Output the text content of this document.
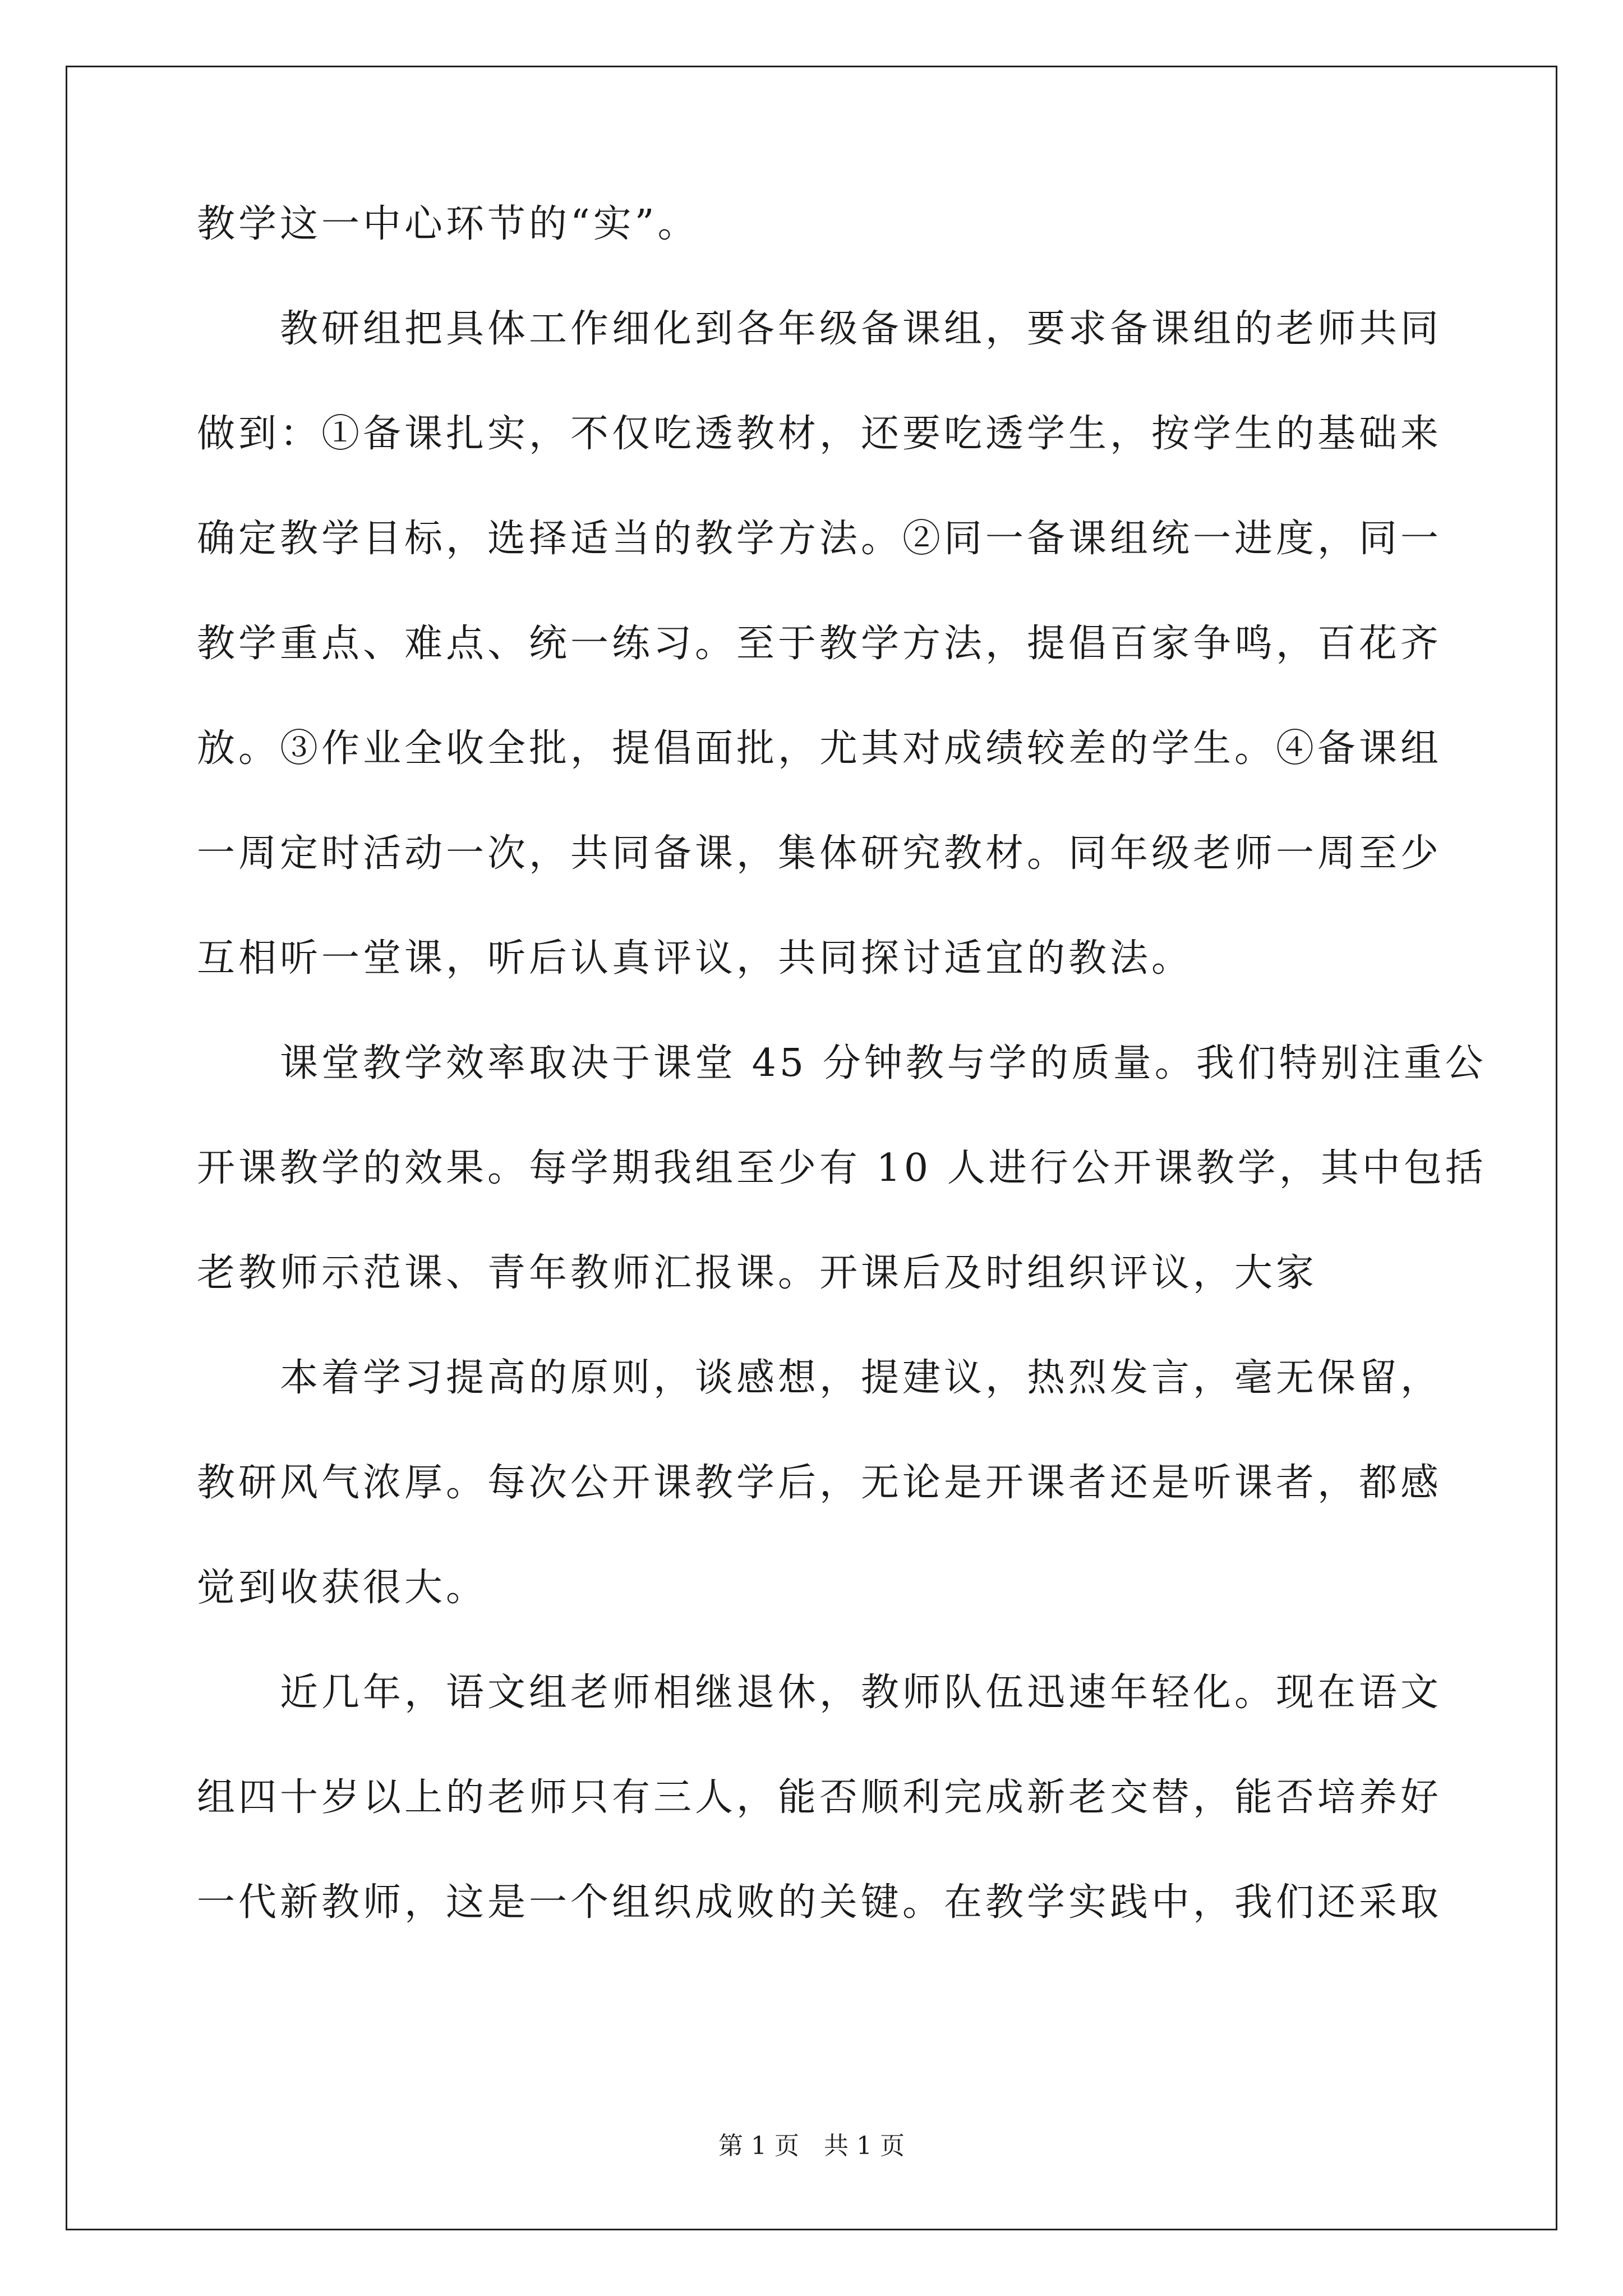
教学这一中心环节的“实”。
　　教研组把具体工作细化到各年级备课组，要求备课组的老师共同
做到：①备课扎实，不仅吃透教材，还要吃透学生，按学生的基础来
确定教学目标，选择适当的教学方法。②同一备课组统一进度，同一
教学重点、难点、统一练习。至于教学方法，提倡百家争鸣，百花齐
放。③作业全收全批，提倡面批，尤其对成绩较差的学生。④备课组
一周定时活动一次，共同备课，集体研究教材。同年级老师一周至少
互相听一堂课，听后认真评议，共同探讨适宜的教法。
　　课堂教学效率取决于课堂 45 分钟教与学的质量。我们特别注重公
开课教学的效果。每学期我组至少有 10 人进行公开课教学，其中包括
老教师示范课、青年教师汇报课。开课后及时组织评议，大家
　　本着学习提高的原则，谈感想，提建议，热烈发言，毫无保留，
教研风气浓厚。每次公开课教学后，无论是开课者还是听课者，都感
觉到收获很大。
　　近几年，语文组老师相继退休，教师队伍迅速年轻化。现在语文
组四十岁以上的老师只有三人，能否顺利完成新老交替，能否培养好
一代新教师，这是一个组织成败的关键。在教学实践中，我们还采取
第 1 页　共 1 页
